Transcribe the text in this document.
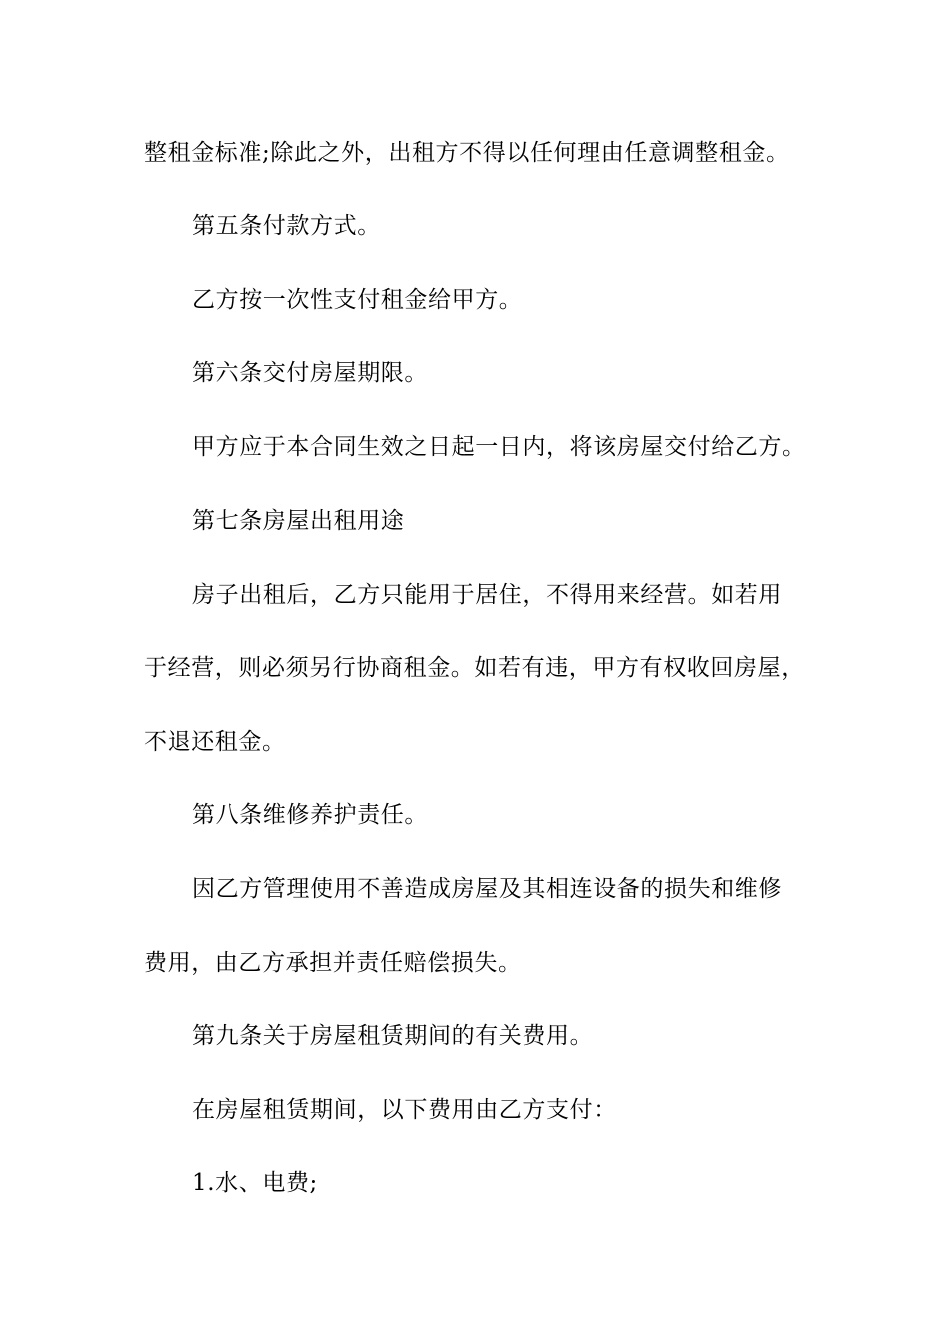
整租金标准;除此之外，出租方不得以任何理由任意调整租金。
第五条付款方式。
乙方按一次性支付租金给甲方。
第六条交付房屋期限。
甲方应于本合同生效之日起一日内，将该房屋交付给乙方。
第七条房屋出租用途
房子出租后，乙方只能用于居住，不得用来经营。如若用
于经营，则必须另行协商租金。如若有违，甲方有权收回房屋，
不退还租金。
第八条维修养护责任。
因乙方管理使用不善造成房屋及其相连设备的损失和维修
费用，由乙方承担并责任赔偿损失。
第九条关于房屋租赁期间的有关费用。
在房屋租赁期间，以下费用由乙方支付：
1.水、电费;
